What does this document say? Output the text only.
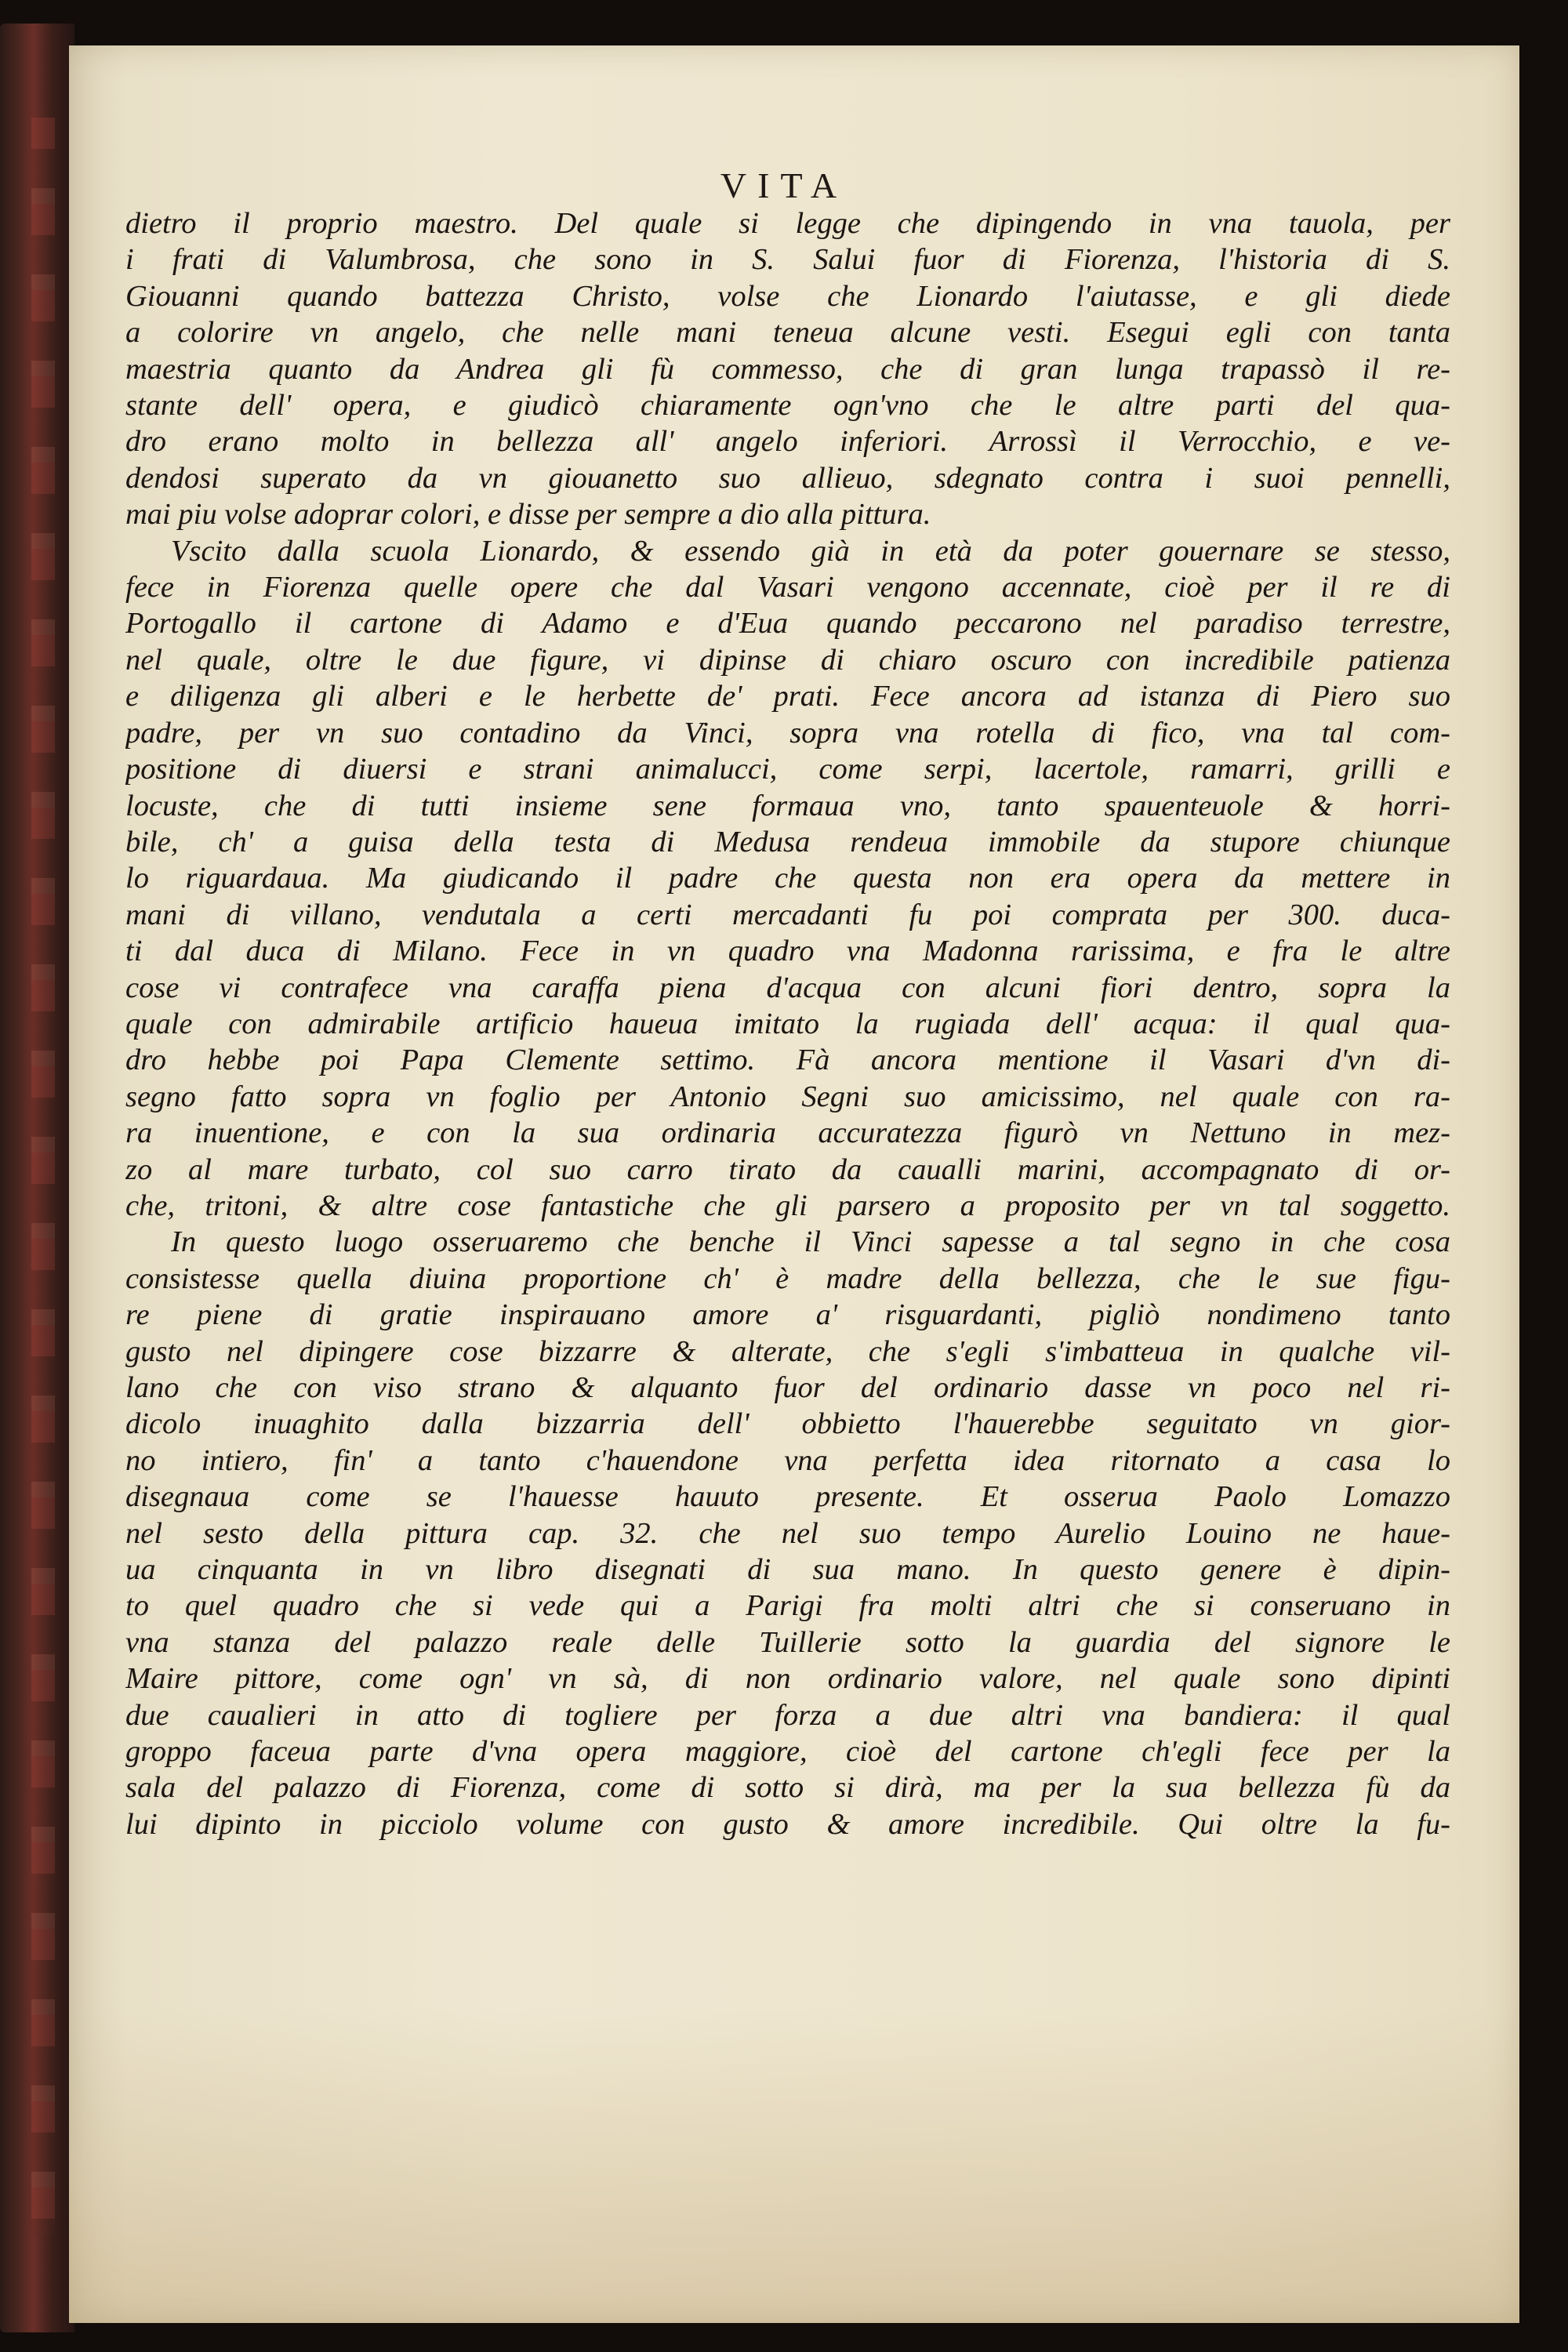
VITA
dietro il proprio maestro. Del quale si legge che dipingendo in vna tauola, per
i frati di Valumbrosa, che sono in S. Salui fuor di Fiorenza, l'historia di S.
Giouanni quando battezza Christo, volse che Lionardo l'aiutasse, e gli diede
a colorire vn angelo, che nelle mani teneua alcune vesti. Esegui egli con tanta
maestria quanto da Andrea gli fù commesso, che di gran lunga trapassò il re-
stante dell' opera, e giudicò chiaramente ogn'vno che le altre parti del qua-
dro erano molto in bellezza all' angelo inferiori. Arrossì il Verrocchio, e ve-
dendosi superato da vn giouanetto suo allieuo, sdegnato contra i suoi pennelli,
mai piu volse adoprar colori, e disse per sempre a dio alla pittura.
Vscito dalla scuola Lionardo, & essendo già in età da poter gouernare se stesso,
fece in Fiorenza quelle opere che dal Vasari vengono accennate, cioè per il re di
Portogallo il cartone di Adamo e d'Eua quando peccarono nel paradiso terrestre,
nel quale, oltre le due figure, vi dipinse di chiaro oscuro con incredibile patienza
e diligenza gli alberi e le herbette de' prati. Fece ancora ad istanza di Piero suo
padre, per vn suo contadino da Vinci, sopra vna rotella di fico, vna tal com-
positione di diuersi e strani animalucci, come serpi, lacertole, ramarri, grilli e
locuste, che di tutti insieme sene formaua vno, tanto spauenteuole & horri-
bile, ch' a guisa della testa di Medusa rendeua immobile da stupore chiunque
lo riguardaua. Ma giudicando il padre che questa non era opera da mettere in
mani di villano, vendutala a certi mercadanti fu poi comprata per 300. duca-
ti dal duca di Milano. Fece in vn quadro vna Madonna rarissima, e fra le altre
cose vi contrafece vna caraffa piena d'acqua con alcuni fiori dentro, sopra la
quale con admirabile artificio haueua imitato la rugiada dell' acqua: il qual qua-
dro hebbe poi Papa Clemente settimo. Fà ancora mentione il Vasari d'vn di-
segno fatto sopra vn foglio per Antonio Segni suo amicissimo, nel quale con ra-
ra inuentione, e con la sua ordinaria accuratezza figurò vn Nettuno in mez-
zo al mare turbato, col suo carro tirato da caualli marini, accompagnato di or-
che, tritoni, & altre cose fantastiche che gli parsero a proposito per vn tal soggetto.
In questo luogo osseruaremo che benche il Vinci sapesse a tal segno in che cosa
consistesse quella diuina proportione ch' è madre della bellezza, che le sue figu-
re piene di gratie inspirauano amore a' risguardanti, pigliò nondimeno tanto
gusto nel dipingere cose bizzarre & alterate, che s'egli s'imbatteua in qualche vil-
lano che con viso strano & alquanto fuor del ordinario dasse vn poco nel ri-
dicolo inuaghito dalla bizzarria dell' obbietto l'hauerebbe seguitato vn gior-
no intiero, fin' a tanto c'hauendone vna perfetta idea ritornato a casa lo
disegnaua come se l'hauesse hauuto presente. Et osserua Paolo Lomazzo
nel sesto della pittura cap. 32. che nel suo tempo Aurelio Louino ne haue-
ua cinquanta in vn libro disegnati di sua mano. In questo genere è dipin-
to quel quadro che si vede qui a Parigi fra molti altri che si conseruano in
vna stanza del palazzo reale delle Tuillerie sotto la guardia del signore le
Maire pittore, come ogn' vn sà, di non ordinario valore, nel quale sono dipinti
due caualieri in atto di togliere per forza a due altri vna bandiera: il qual
groppo faceua parte d'vna opera maggiore, cioè del cartone ch'egli fece per la
sala del palazzo di Fiorenza, come di sotto si dirà, ma per la sua bellezza fù da
lui dipinto in picciolo volume con gusto & amore incredibile. Qui oltre la fu-
